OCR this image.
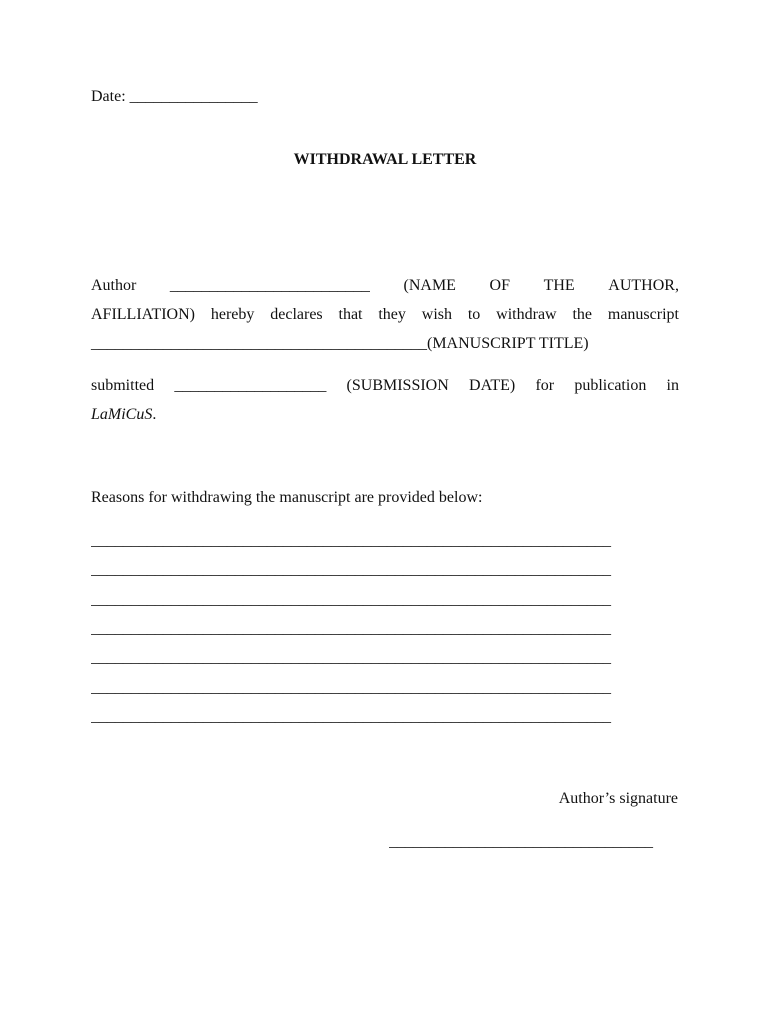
Date: ________________
WITHDRAWAL LETTER
Author _________________________ (NAME OF THE AUTHOR,
AFILLIATION) hereby declares that they wish to withdraw the manuscript
__________________________________________(MANUSCRIPT TITLE)
submitted ___________________ (SUBMISSION DATE) for publication in
LaMiCuS.
Reasons for withdrawing the manuscript are provided below:
_________________________________________________________________
_________________________________________________________________
_________________________________________________________________
_________________________________________________________________
_________________________________________________________________
_________________________________________________________________
_________________________________________________________________
Author’s signature
_________________________________
